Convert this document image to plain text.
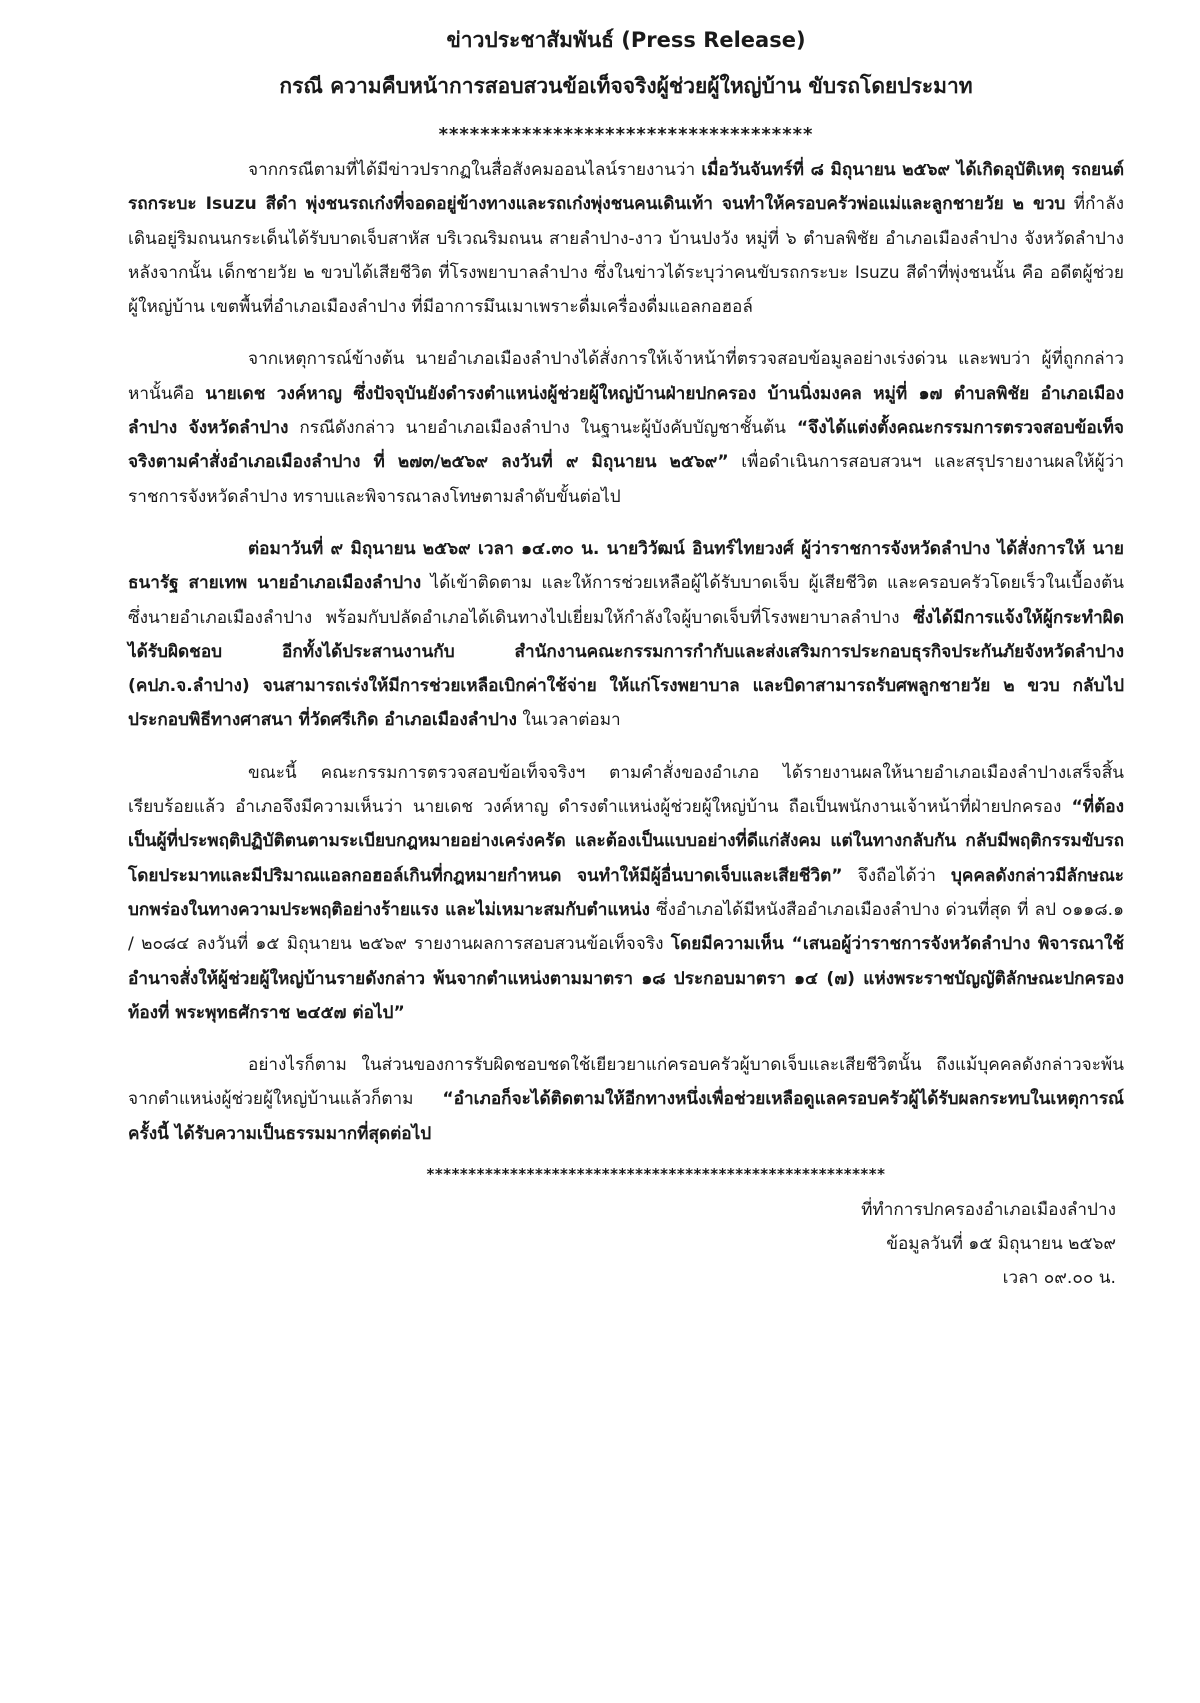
ข่าวประชาสัมพันธ์ (Press Release)

กรณี ความคืบหน้าการสอบสวนข้อเท็จจริงผู้ช่วยผู้ใหญ่บ้าน ขับรถโดยประมาท

************************************

จากกรณีตามที่ได้มีข่าวปรากฏในสื่อสังคมออนไลน์รายงานว่า เมื่อวันจันทร์ที่ ๘ มิถุนายน ๒๕๖๙ ได้เกิดอุบัติเหตุ รถยนต์รถกระบะ Isuzu สีดำ พุ่งชนรถเก๋งที่จอดอยู่ข้างทางและรถเก๋งพุ่งชนคนเดินเท้า จนทำให้ครอบครัวพ่อแม่และลูกชายวัย ๒ ขวบ ที่กำลังเดินอยู่ริมถนนกระเด็นได้รับบาดเจ็บสาหัส บริเวณริมถนน สายลำปาง-งาว บ้านปงวัง หมู่ที่ ๖ ตำบลพิชัย อำเภอเมืองลำปาง จังหวัดลำปาง หลังจากนั้น เด็กชายวัย ๒ ขวบได้เสียชีวิต ที่โรงพยาบาลลำปาง ซึ่งในข่าวได้ระบุว่าคนขับรถกระบะ Isuzu สีดำที่พุ่งชนนั้น คือ อดีตผู้ช่วยผู้ใหญ่บ้าน เขตพื้นที่อำเภอเมืองลำปาง ที่มีอาการมึนเมาเพราะดื่มเครื่องดื่มแอลกอฮอล์

จากเหตุการณ์ข้างต้น นายอำเภอเมืองลำปางได้สั่งการให้เจ้าหน้าที่ตรวจสอบข้อมูลอย่างเร่งด่วน และพบว่า ผู้ที่ถูกกล่าวหานั้นคือ นายเดช วงค์หาญ ซึ่งปัจจุบันยังดำรงตำแหน่งผู้ช่วยผู้ใหญ่บ้านฝ่ายปกครอง บ้านนิ่งมงคล หมู่ที่ ๑๗ ตำบลพิชัย อำเภอเมืองลำปาง จังหวัดลำปาง กรณีดังกล่าว นายอำเภอเมืองลำปาง ในฐานะผู้บังคับบัญชาชั้นต้น “จึงได้แต่งตั้งคณะกรรมการตรวจสอบข้อเท็จจริงตามคำสั่งอำเภอเมืองลำปาง ที่ ๒๗๓/๒๕๖๙ ลงวันที่ ๙ มิถุนายน ๒๕๖๙” เพื่อดำเนินการสอบสวนฯ และสรุปรายงานผลให้ผู้ว่าราชการจังหวัดลำปาง ทราบและพิจารณาลงโทษตามลำดับขั้นต่อไป

ต่อมาวันที่ ๙ มิถุนายน ๒๕๖๙ เวลา ๑๔.๓๐ น. นายวิวัฒน์ อินทร์ไทยวงศ์ ผู้ว่าราชการจังหวัดลำปาง ได้สั่งการให้ นายธนารัฐ สายเทพ นายอำเภอเมืองลำปาง ได้เข้าติดตาม และให้การช่วยเหลือผู้ได้รับบาดเจ็บ ผู้เสียชีวิต และครอบครัวโดยเร็วในเบื้องต้น ซึ่งนายอำเภอเมืองลำปาง พร้อมกับปลัดอำเภอได้เดินทางไปเยี่ยมให้กำลังใจผู้บาดเจ็บที่โรงพยาบาลลำปาง ซึ่งได้มีการแจ้งให้ผู้กระทำผิดได้รับผิดชอบ อีกทั้งได้ประสานงานกับ สำนักงานคณะกรรมการกำกับและส่งเสริมการประกอบธุรกิจประกันภัยจังหวัดลำปาง (คปภ.จ.ลำปาง) จนสามารถเร่งให้มีการช่วยเหลือเบิกค่าใช้จ่าย ให้แก่โรงพยาบาล และบิดาสามารถรับศพลูกชายวัย ๒ ขวบ กลับไปประกอบพิธีทางศาสนา ที่วัดศรีเกิด อำเภอเมืองลำปาง ในเวลาต่อมา

ขณะนี้ คณะกรรมการตรวจสอบข้อเท็จจริงฯ ตามคำสั่งของอำเภอ ได้รายงานผลให้นายอำเภอเมืองลำปางเสร็จสิ้นเรียบร้อยแล้ว อำเภอจึงมีความเห็นว่า นายเดช วงค์หาญ ดำรงตำแหน่งผู้ช่วยผู้ใหญ่บ้าน ถือเป็นพนักงานเจ้าหน้าที่ฝ่ายปกครอง “ที่ต้องเป็นผู้ที่ประพฤติปฏิบัติตนตามระเบียบกฎหมายอย่างเคร่งครัด และต้องเป็นแบบอย่างที่ดีแก่สังคม แต่ในทางกลับกัน กลับมีพฤติกรรมขับรถโดยประมาทและมีปริมาณแอลกอฮอล์เกินที่กฎหมายกำหนด จนทำให้มีผู้อื่นบาดเจ็บและเสียชีวิต” จึงถือได้ว่า บุคคลดังกล่าวมีลักษณะบกพร่องในทางความประพฤติอย่างร้ายแรง และไม่เหมาะสมกับตำแหน่ง ซึ่งอำเภอได้มีหนังสืออำเภอเมืองลำปาง ด่วนที่สุด ที่ ลป ๐๑๑๘.๑ / ๒๐๘๔ ลงวันที่ ๑๕ มิถุนายน ๒๕๖๙ รายงานผลการสอบสวนข้อเท็จจริง โดยมีความเห็น “เสนอผู้ว่าราชการจังหวัดลำปาง พิจารณาใช้อำนาจสั่งให้ผู้ช่วยผู้ใหญ่บ้านรายดังกล่าว พ้นจากตำแหน่งตามมาตรา ๑๘ ประกอบมาตรา ๑๔ (๗) แห่งพระราชบัญญัติลักษณะปกครองท้องที่ พระพุทธศักราช ๒๔๕๗ ต่อไป”

อย่างไรก็ตาม ในส่วนของการรับผิดชอบชดใช้เยียวยาแก่ครอบครัวผู้บาดเจ็บและเสียชีวิตนั้น ถึงแม้บุคคลดังกล่าวจะพ้นจากตำแหน่งผู้ช่วยผู้ใหญ่บ้านแล้วก็ตาม “อำเภอก็จะได้ติดตามให้อีกทางหนึ่งเพื่อช่วยเหลือดูแลครอบครัวผู้ได้รับผลกระทบในเหตุการณ์ครั้งนี้ ได้รับความเป็นธรรมมากที่สุดต่อไป

*******************************************************

ที่ทำการปกครองอำเภอเมืองลำปาง

ข้อมูลวันที่ ๑๕ มิถุนายน ๒๕๖๙

เวลา ๐๙.๐๐ น.
